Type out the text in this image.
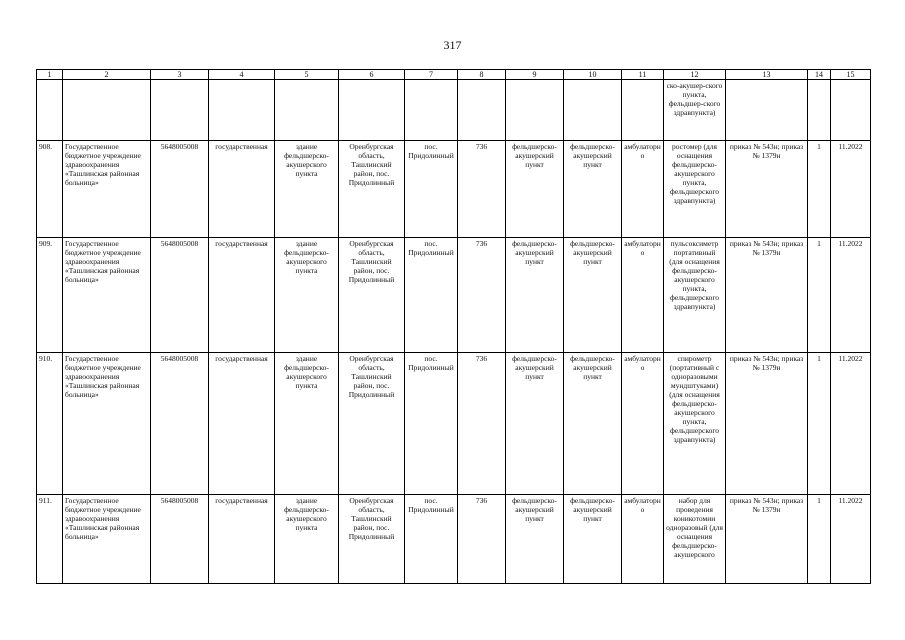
317
1	2	3	4	5	6	7	8	9	10	11	12	13	14	15
											ско-акушер-ского пункта, фельдшер-ского здравпункта)			
908.	Государственное бюджетное учреждение здравоохранения «Ташлинская районная больница»	5648005008	государственная	здание фельдшерско-акушерского пункта	Оренбургская область, Ташлинский район, пос. Придолинный	пос. Придолинный	736	фельдшерско-акушерский пункт	фельдшерско-акушерский пункт	амбулаторно	ростомер (для оснащения фельдшерско-акушерского пункта, фельдшерского здравпункта)	приказ № 543н; приказ № 1379н	1	11.2022
909.	Государственное бюджетное учреждение здравоохранения «Ташлинская районная больница»	5648005008	государственная	здание фельдшерско-акушерского пункта	Оренбургская область, Ташлинский район, пос. Придолинный	пос. Придолинный	736	фельдшерско-акушерский пункт	фельдшерско-акушерский пункт	амбулаторно	пульсоксиметр портативный (для оснащения фельдшерско-акушерского пункта, фельдшерского здравпункта)	приказ № 543н; приказ № 1379н	1	11.2022
910.	Государственное бюджетное учреждение здравоохранения «Ташлинская районная больница»	5648005008	государственная	здание фельдшерско-акушерского пункта	Оренбургская область, Ташлинский район, пос. Придолинный	пос. Придолинный	736	фельдшерско-акушерский пункт	фельдшерско-акушерский пункт	амбулаторно	спирометр (портативный с одноразовыми мундштуками) (для оснащения фельдшерско-акушерского пункта, фельдшерского здравпункта)	приказ № 543н; приказ № 1379н	1	11.2022
911.	Государственное бюджетное учреждение здравоохранения «Ташлинская районная больница»	5648005008	государственная	здание фельдшерско-акушерского пункта	Оренбургская область, Ташлинский район, пос. Придолинный	пос. Придолинный	736	фельдшерско-акушерский пункт	фельдшерско-акушерский пункт	амбулаторно	набор для проведения коникотомии одноразовый (для оснащения фельдшерско-акушерского	приказ № 543н; приказ № 1379н	1	11.2022
